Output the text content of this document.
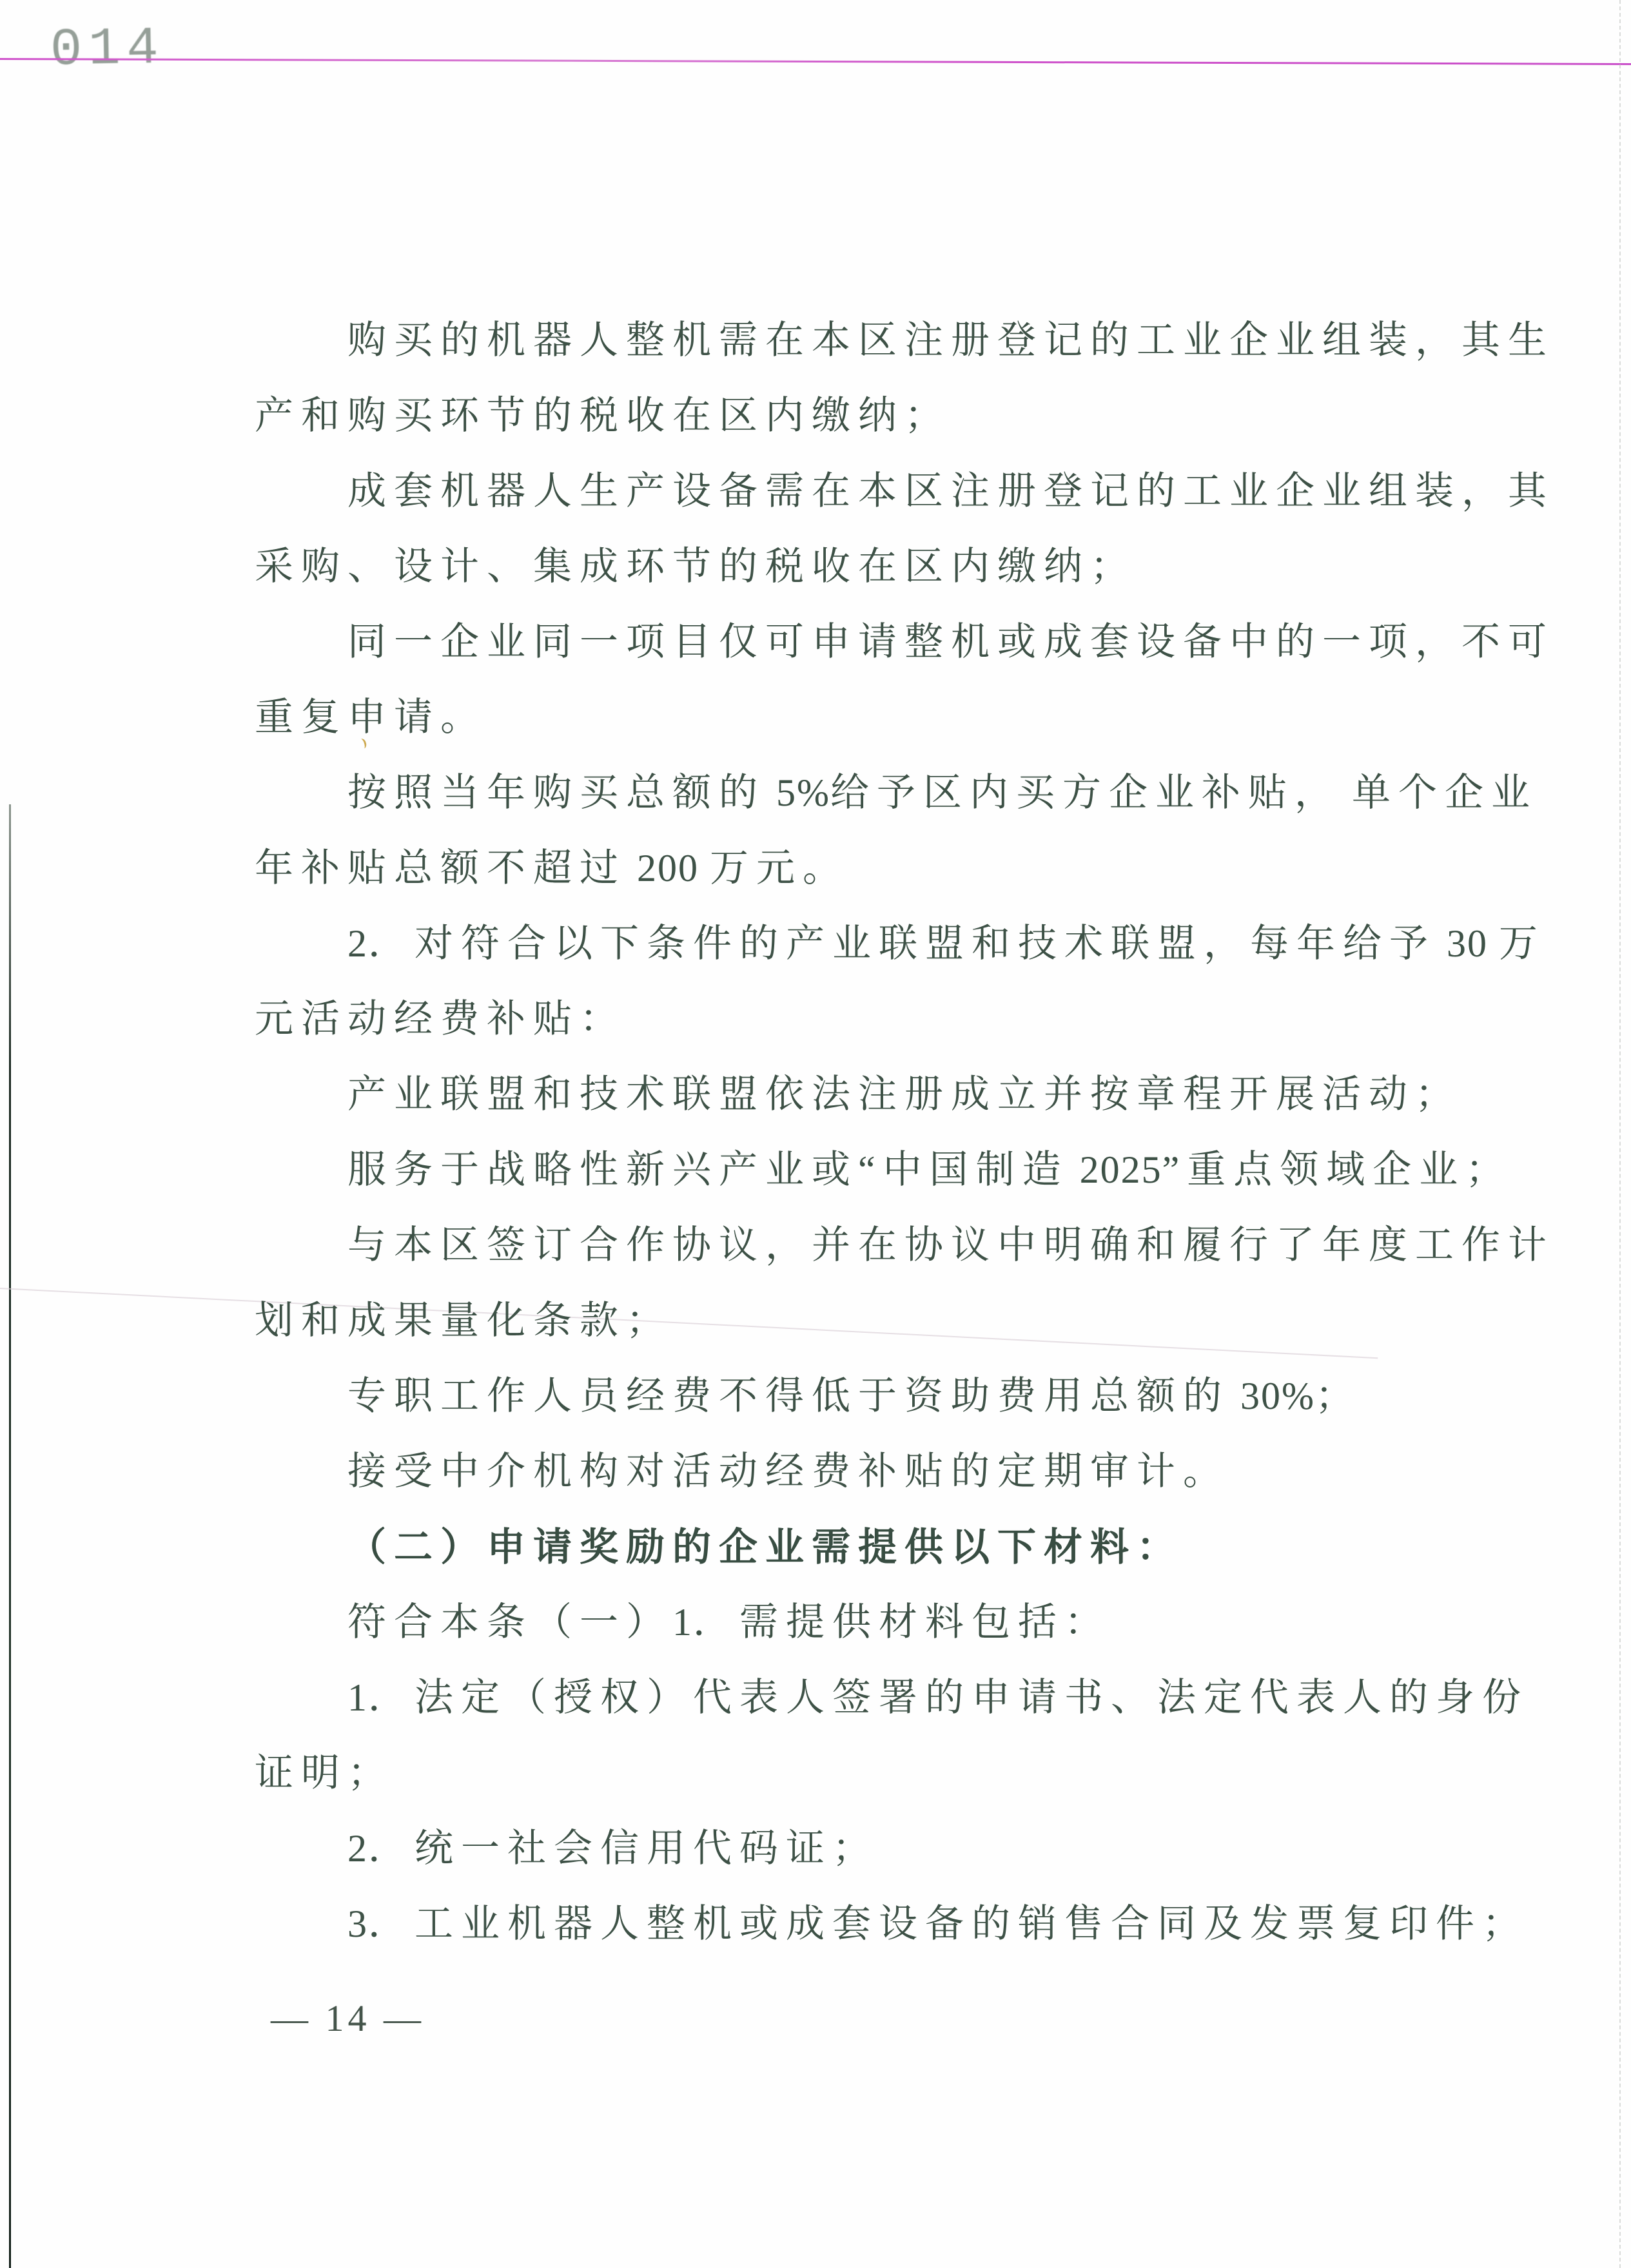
014
购买的机器人整机需在本区注册登记的工业企业组装，其生
产和购买环节的税收在区内缴纳；
成套机器人生产设备需在本区注册登记的工业企业组装，其
采购、设计、集成环节的税收在区内缴纳；
同一企业同一项目仅可申请整机或成套设备中的一项，不可
重复申请。
按照当年购买总额的 5%给予区内买方企业补贴， 单个企业
年补贴总额不超过 200 万元。
2．对符合以下条件的产业联盟和技术联盟，每年给予 30 万
元活动经费补贴：
产业联盟和技术联盟依法注册成立并按章程开展活动；
服务于战略性新兴产业或“中国制造 2025”重点领域企业；
与本区签订合作协议，并在协议中明确和履行了年度工作计
划和成果量化条款；
专职工作人员经费不得低于资助费用总额的 30%；
接受中介机构对活动经费补贴的定期审计。
（二）申请奖励的企业需提供以下材料：
符合本条（一）1．需提供材料包括：
1．法定（授权）代表人签署的申请书、法定代表人的身份
证明；
2．统一社会信用代码证；
3．工业机器人整机或成套设备的销售合同及发票复印件；
— 14 —
